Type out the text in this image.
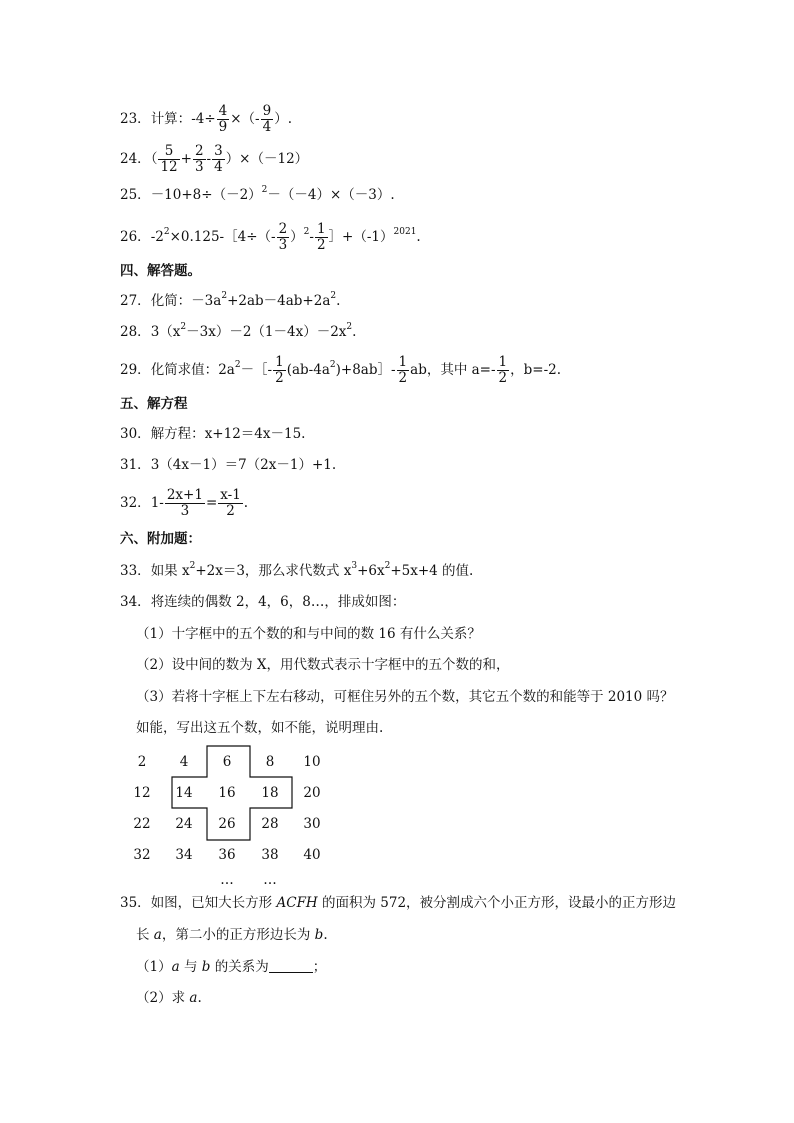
23．计算：$-4\div \frac{4}{9}$ ×（- $\frac{9}{4}$ ）.
24．（ $\frac{5}{12} + \frac{2}{3} - \frac{3}{4} )\times(-12)$
25．$-10+8\div(-2)^2-(-4)\times(-3)$.
26．$-2^2\times 0.125-[4\div(- \frac{2}{3} )^2- \frac{1}{2}$ $]+(-1)^{2021}$.
四、解答题。
27．化简：$-3a^2+2ab-4ab+2a^2$.
28．$3(x^2-3x)-2(1-4x)-2x^2$.
29．化简求值：$2a^2-[- \frac{1}{2}$ $(ab-4a^2)+8ab]- \frac{1}{2}$ ab，其中 $a=- \frac{1}{2}$ ，b=-2.
五、解方程
30．解方程：x+12＝4x－15.
31．3（4x－1）＝7（2x－1）+1.
32．$1- \frac{2x+1}{3} = \frac{x-1}{2}$ .
六、附加题：
33．如果 $x^2+2x=3$，那么求代数式 $x^3+6x^2+5x+4$ 的值.
34．将连续的偶数 2，4，6，8…，排成如图：
（1）十字框中的五个数的和与中间的数 16 有什么关系？
（2）设中间的数为 X，用代数式表示十字框中的五个数的和，
（3）若将十字框上下左右移动，可框住另外的五个数，其它五个数的和能等于 2010 吗？
如能，写出这五个数，如不能，说明理由.
2	4	6	8	10
12	14	16	18	20
22	24	26	28	30
32	34	36	38	40
…	…
35．如图，已知大长方形 ACFH 的面积为 572，被分割成六个小正方形，设最小的正方形边
长 a，第二小的正方形边长为 b.
（1）a 与 b 的关系为	；
（2）求 a.
